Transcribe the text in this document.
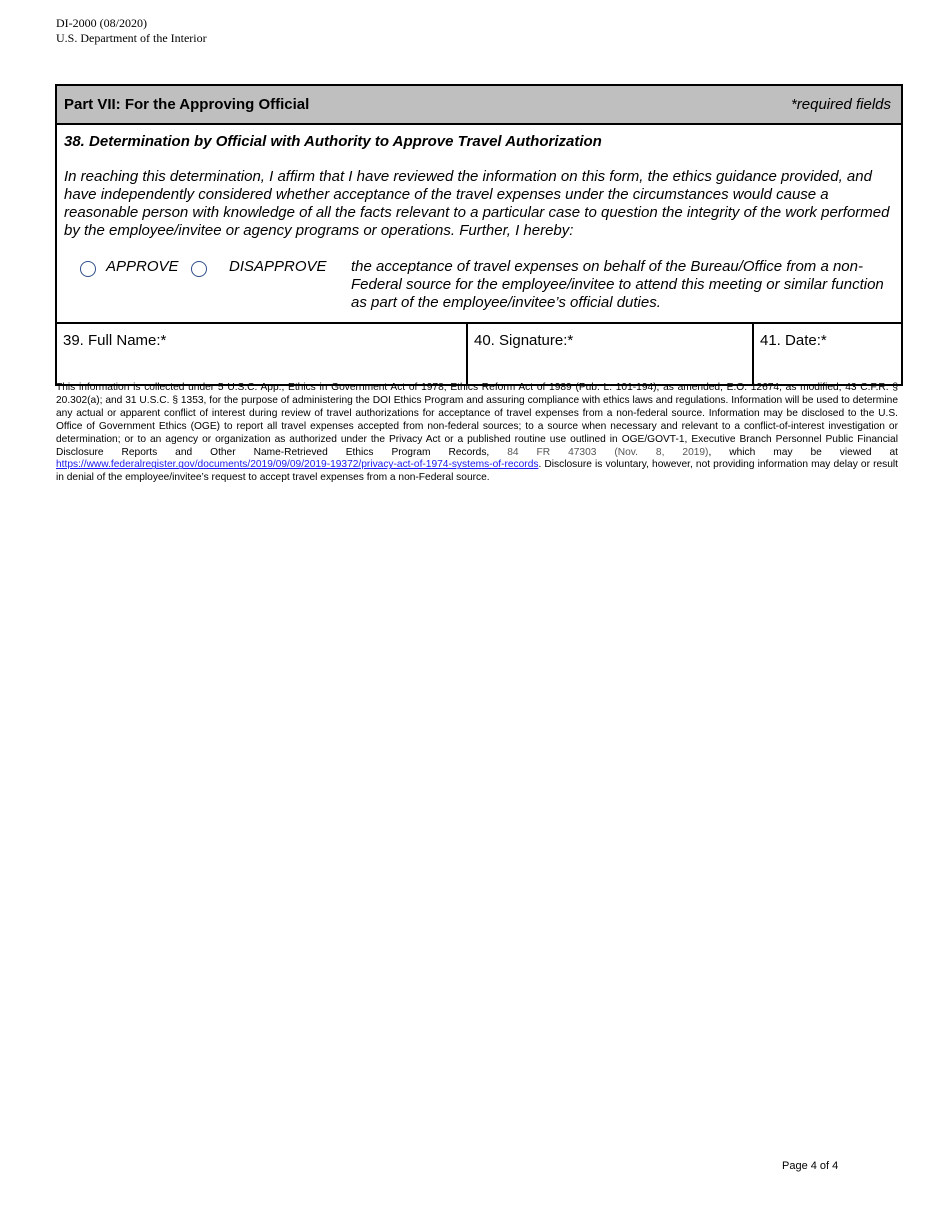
DI-2000 (08/2020)
U.S. Department of the Interior
Part VII: For the Approving Official	*required fields
38. Determination by Official with Authority to Approve Travel Authorization
In reaching this determination, I affirm that I have reviewed the information on this form, the ethics guidance provided, and have independently considered whether acceptance of the travel expenses under the circumstances would cause a reasonable person with knowledge of all the facts relevant to a particular case to question the integrity of the work performed by the employee/invitee or agency programs or operations. Further, I hereby:
APPROVE	DISAPPROVE the acceptance of travel expenses on behalf of the Bureau/Office from a non-Federal source for the employee/invitee to attend this meeting or similar function as part of the employee/invitee’s official duties.
39. Full Name:*	40. Signature:*	41. Date:*
This information is collected under 5 U.S.C. App., Ethics in Government Act of 1978; Ethics Reform Act of 1989 (Pub. L. 101-194), as amended; E.O. 12674, as modified; 43 C.F.R. § 20.302(a); and 31 U.S.C. § 1353, for the purpose of administering the DOI Ethics Program and assuring compliance with ethics laws and regulations. Information will be used to determine any actual or apparent conflict of interest during review of travel authorizations for acceptance of travel expenses from a non-federal source. Information may be disclosed to the U.S. Office of Government Ethics (OGE) to report all travel expenses accepted from non-federal sources; to a source when necessary and relevant to a conflict-of-interest investigation or determination; or to an agency or organization as authorized under the Privacy Act or a published routine use outlined in OGE/GOVT-1, Executive Branch Personnel Public Financial Disclosure Reports and Other Name-Retrieved Ethics Program Records, 84 FR 47303 (Nov. 8, 2019), which may be viewed at https://www.federalregister.gov/documents/2019/09/09/2019-19372/privacy-act-of-1974-systems-of-records. Disclosure is voluntary, however, not providing information may delay or result in denial of the employee/invitee’s request to accept travel expenses from a non-Federal source.
Page 4 of 4
